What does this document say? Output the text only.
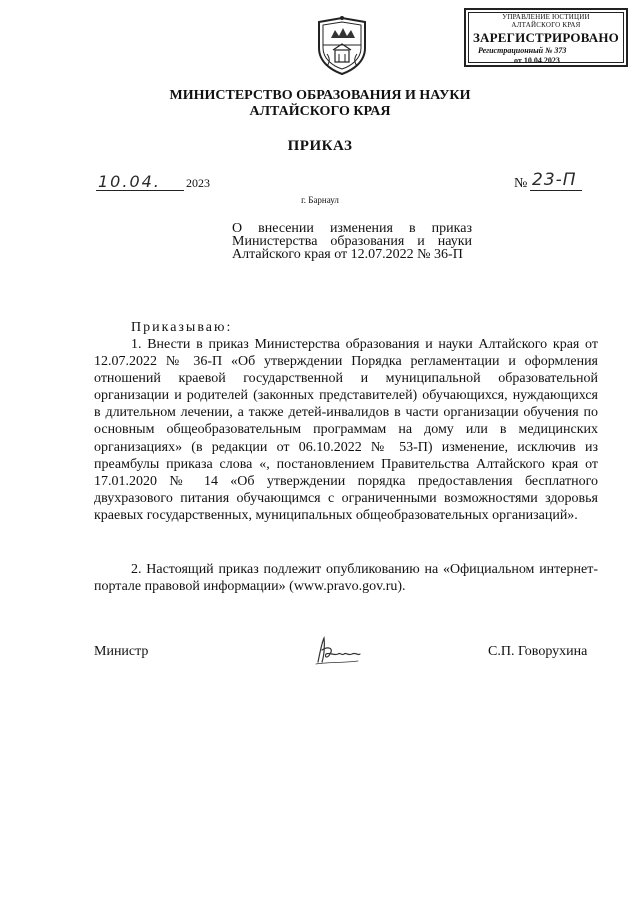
УПРАВЛЕНИЕ ЮСТИЦИИ
АЛТАЙСКОГО КРАЯ
ЗАРЕГИСТРИРОВАНО
Регистрационный № 373
от 10.04.2023
МИНИСТЕРСТВО ОБРАЗОВАНИЯ И НАУКИ
АЛТАЙСКОГО КРАЯ
ПРИКАЗ
10.04. 2023	№ 23-П
г. Барнаул
О внесении изменения в приказ Министерства образования и науки Алтайского края от 12.07.2022 № 36-П
Приказываю:
1. Внести в приказ Министерства образования и науки Алтайского края от 12.07.2022 № 36-П «Об утверждении Порядка регламентации и оформления отношений краевой государственной и муниципальной образовательной организации и родителей (законных представителей) обучающихся, нуждающихся в длительном лечении, а также детей-инвалидов в части организации обучения по основным общеобразовательным программам на дому или в медицинских организациях» (в редакции от 06.10.2022 № 53-П) изменение, исключив из преамбулы приказа слова «, постановлением Правительства Алтайского края от 17.01.2020 № 14 «Об утверждении порядка предоставления бесплатного двухразового питания обучающимся с ограниченными возможностями здоровья краевых государственных, муниципальных общеобразовательных организаций».
2. Настоящий приказ подлежит опубликованию на «Официальном интернет-портале правовой информации» (www.pravo.gov.ru).
Министр	С.П. Говорухина
